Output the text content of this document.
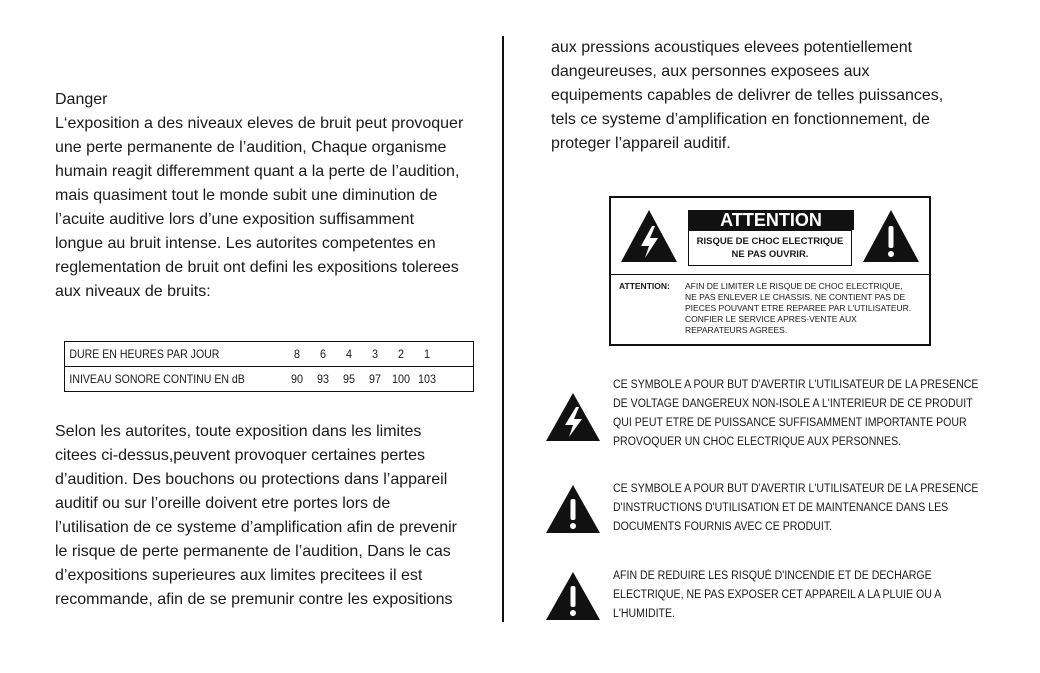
Danger

L‘exposition a des niveaux eleves de bruit peut provoquer
une perte permanente de l’audition, Chaque organisme
humain reagit differemment quant a la perte de l’audition,
mais quasiment tout le monde subit une diminution de
l’acuite auditive lors d’une exposition suffisamment
longue au bruit intense. Les autorites competentes en
reglementation de bruit ont defini les expositions tolerees
aux niveaux de bruits:

DURE EN HEURES PAR JOUR	8	6	4	3	2	1
INIVEAU SONORE CONTINU EN dB	90	93	95	97 100 103

Selon les autorites, toute exposition dans les limites
citees ci-dessus,peuvent provoquer certaines pertes
d’audition. Des bouchons ou protections dans l’appareil
auditif ou sur l’oreille doivent etre portes lors de
l’utilisation de ce systeme d’amplification afin de prevenir
le risque de perte permanente de l’audition, Dans le cas
d’expositions superieures aux limites precitees il est
recommande, afin de se premunir contre les expositions

aux pressions acoustiques elevees potentiellement
dangeureuses, aux personnes exposees aux
equipements capables de delivrer de telles puissances,
tels ce systeme d’amplification en fonctionnement, de
proteger l’appareil auditif.

ATTENTION
RISQUE DE CHOC ELECTRIQUE
NE PAS OUVRIR.
ATTENTION: AFIN DE LIMITER LE RISQUE DE CHOC ELECTRIQUE,
NE PAS ENLEVER LE CHASSIS. NE CONTIENT PAS DE
PIECES POUVANT ETRE REPAREE PAR L'UTILISATEUR.
CONFIER LE SERVICE APRES-VENTE AUX
REPARATEURS AGREES.
CE SYMBOLE A POUR BUT D'AVERTIR L'UTILISATEUR DE LA PRESENCE
DE VOLTAGE DANGEREUX NON-ISOLE A L'INTERIEUR DE CE PRODUIT
QUI PEUT ETRE DE PUISSANCE SUFFISAMMENT IMPORTANTE POUR
PROVOQUER UN CHOC ELECTRIQUE AUX PERSONNES.
CE SYMBOLE A POUR BUT D'AVERTIR L'UTILISATEUR DE LA PRESENCE
D'INSTRUCTIONS D'UTILISATION ET DE MAINTENANCE DANS LES
DOCUMENTS FOURNIS AVEC CE PRODUIT.
AFIN DE REDUIRE LES RISQUÉ D'INCENDIE ET DE DECHARGE
ELECTRIQUE, NE PAS EXPOSER CET APPAREIL A LA PLUIE OU A
L'HUMIDITE.
